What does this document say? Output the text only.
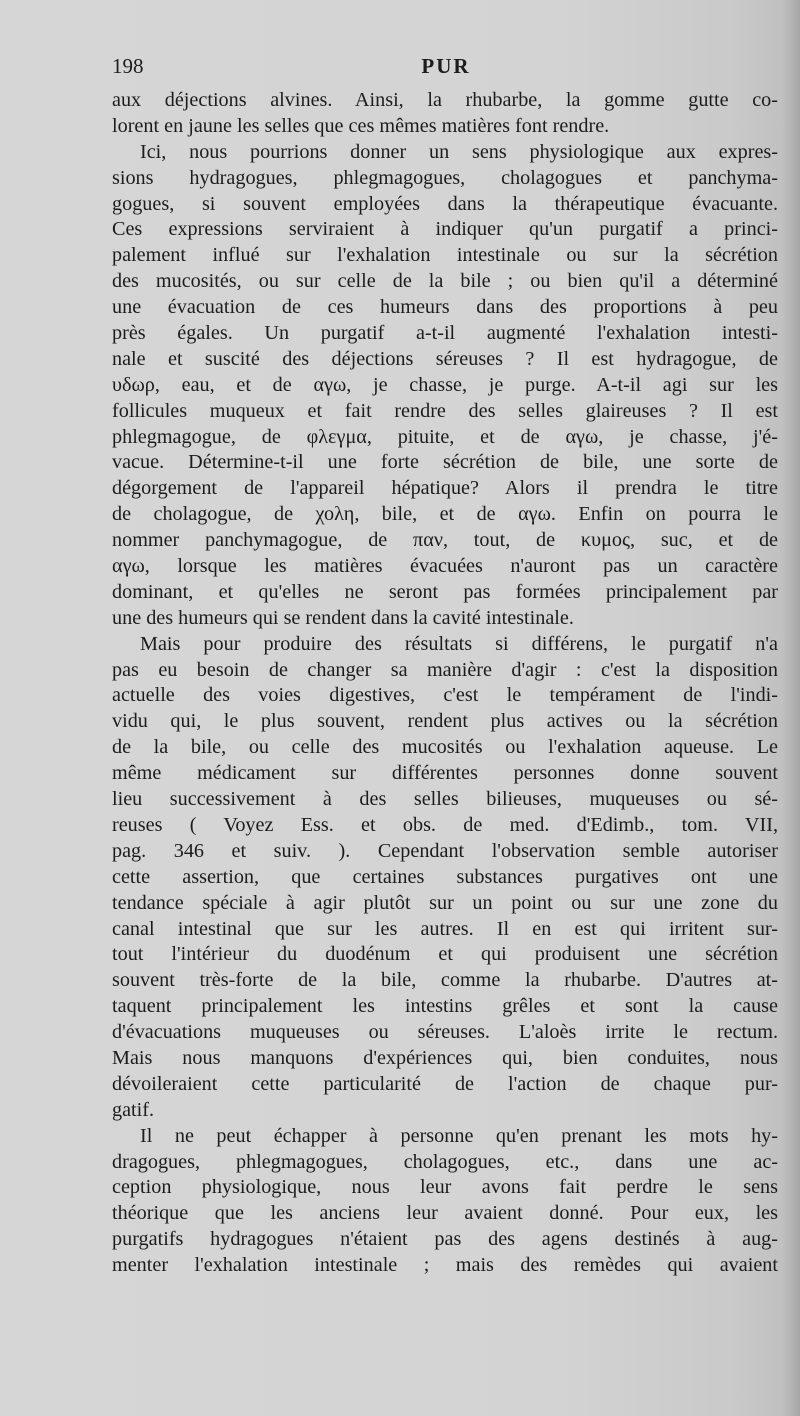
198	PUR
aux déjections alvines. Ainsi, la rhubarbe, la gomme gutte co-
lorent en jaune les selles que ces mêmes matières font rendre.
Ici, nous pourrions donner un sens physiologique aux expres-
sions hydragogues, phlegmagogues, cholagogues et panchyma-
gogues, si souvent employées dans la thérapeutique évacuante.
Ces expressions serviraient à indiquer qu'un purgatif a princi-
palement influé sur l'exhalation intestinale ou sur la sécrétion
des mucosités, ou sur celle de la bile ; ou bien qu'il a déterminé
une évacuation de ces humeurs dans des proportions à peu
près égales. Un purgatif a-t-il augmenté l'exhalation intesti-
nale et suscité des déjections séreuses ? Il est hydragogue, de
υδωρ, eau, et de αγω, je chasse, je purge. A-t-il agi sur les
follicules muqueux et fait rendre des selles glaireuses ? Il est
phlegmagogue, de φλεγμα, pituite, et de αγω, je chasse, j'é-
vacue. Détermine-t-il une forte sécrétion de bile, une sorte de
dégorgement de l'appareil hépatique? Alors il prendra le titre
de cholagogue, de χολη, bile, et de αγω. Enfin on pourra le
nommer panchymagogue, de παν, tout, de κυμος, suc, et de
αγω, lorsque les matières évacuées n'auront pas un caractère
dominant, et qu'elles ne seront pas formées principalement par
une des humeurs qui se rendent dans la cavité intestinale.
Mais pour produire des résultats si différens, le purgatif n'a
pas eu besoin de changer sa manière d'agir : c'est la disposition
actuelle des voies digestives, c'est le tempérament de l'indi-
vidu qui, le plus souvent, rendent plus actives ou la sécrétion
de la bile, ou celle des mucosités ou l'exhalation aqueuse. Le
même médicament sur différentes personnes donne souvent
lieu successivement à des selles bilieuses, muqueuses ou sé-
reuses ( Voyez Ess. et obs. de med. d'Edimb., tom. VII,
pag. 346 et suiv. ). Cependant l'observation semble autoriser
cette assertion, que certaines substances purgatives ont une
tendance spéciale à agir plutôt sur un point ou sur une zone du
canal intestinal que sur les autres. Il en est qui irritent sur-
tout l'intérieur du duodénum et qui produisent une sécrétion
souvent très-forte de la bile, comme la rhubarbe. D'autres at-
taquent principalement les intestins grêles et sont la cause
d'évacuations muqueuses ou séreuses. L'aloès irrite le rectum.
Mais nous manquons d'expériences qui, bien conduites, nous
dévoileraient cette particularité de l'action de chaque pur-
gatif.
Il ne peut échapper à personne qu'en prenant les mots hy-
dragogues, phlegmagogues, cholagogues, etc., dans une ac-
ception physiologique, nous leur avons fait perdre le sens
théorique que les anciens leur avaient donné. Pour eux, les
purgatifs hydragogues n'étaient pas des agens destinés à aug-
menter l'exhalation intestinale ; mais des remèdes qui avaient
